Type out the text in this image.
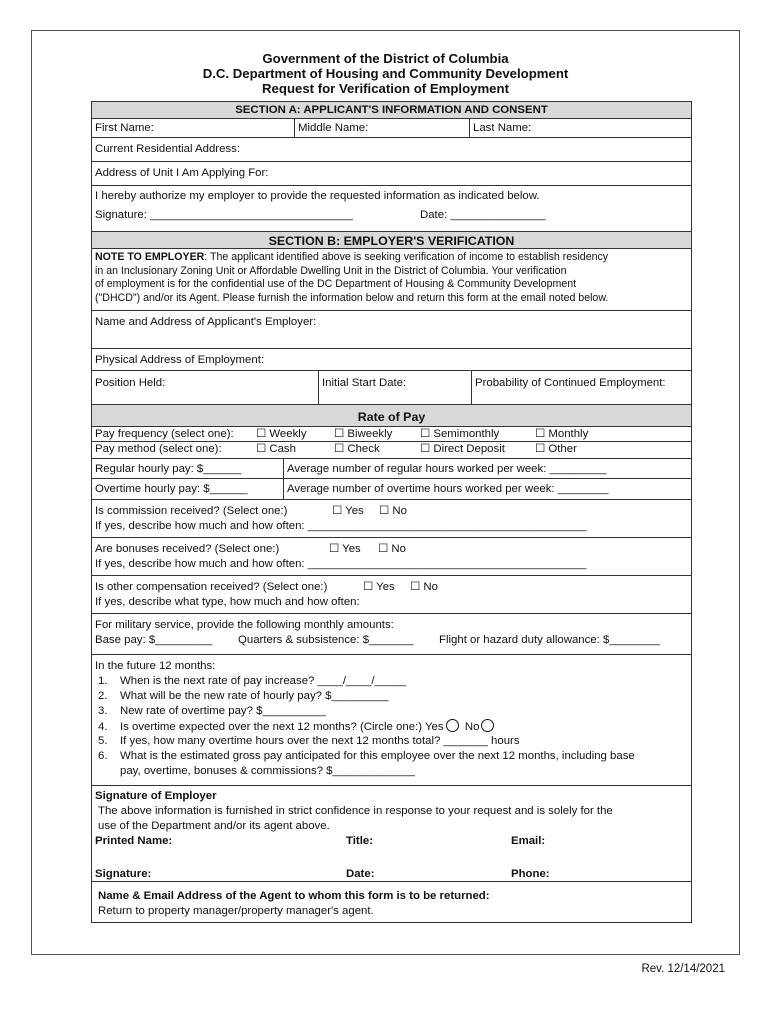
Government of the District of Columbia
D.C. Department of Housing and Community Development
Request for Verification of Employment
SECTION A: APPLICANT'S INFORMATION AND CONSENT
First Name:	Middle Name:	Last Name:
Current Residential Address:
Address of Unit I Am Applying For:
I hereby authorize my employer to provide the requested information as indicated below.
Signature: ________________________________	Date: _______________
SECTION B: EMPLOYER'S VERIFICATION
NOTE TO EMPLOYER: The applicant identified above is seeking verification of income to establish residency
in an Inclusionary Zoning Unit or Affordable Dwelling Unit in the District of Columbia. Your verification
of employment is for the confidential use of the DC Department of Housing & Community Development
("DHCD") and/or its Agent. Please furnish the information below and return this form at the email noted below.
Name and Address of Applicant's Employer:
Physical Address of Employment:
Position Held:	Initial Start Date:	Probability of Continued Employment:
Rate of Pay
Pay frequency (select one): ☐ Weekly ☐ Biweekly ☐ Semimonthly	☐ Monthly
Pay method (select one):	☐ Cash	☐ Check	☐ Direct Deposit	☐ Other
Regular hourly pay: $______	Average number of regular hours worked per week: _________
Overtime hourly pay: $______	Average number of overtime hours worked per week: ________
Is commission received? (Select one:)	☐ Yes ☐ No
If yes, describe how much and how often: ____________________________________________
Are bonuses received? (Select one:)	☐ Yes ☐ No
If yes, describe how much and how often: ____________________________________________
Is other compensation received? (Select one:)	☐ Yes ☐ No
If yes, describe what type, how much and how often:
For military service, provide the following monthly amounts:
Base pay: $_________ Quarters & subsistence: $_______ Flight or hazard duty allowance: $________
In the future 12 months:
1. When is the next rate of pay increase? ____/____/_____
2. What will be the new rate of hourly pay? $_________
3. New rate of overtime pay? $__________
4. Is overtime expected over the next 12 months? (Circle one:) Yes No
5. If yes, how many overtime hours over the next 12 months total? _______ hours
6. What is the estimated gross pay anticipated for this employee over the next 12 months, including base
pay, overtime, bonuses & commissions? $_____________
Signature of Employer
The above information is furnished in strict confidence in response to your request and is solely for the
use of the Department and/or its agent above.
Printed Name:	Title:	Email:
Signature:	Date:	Phone:
Name & Email Address of the Agent to whom this form is to be returned:
Return to property manager/property manager's agent.
Rev. 12/14/2021
